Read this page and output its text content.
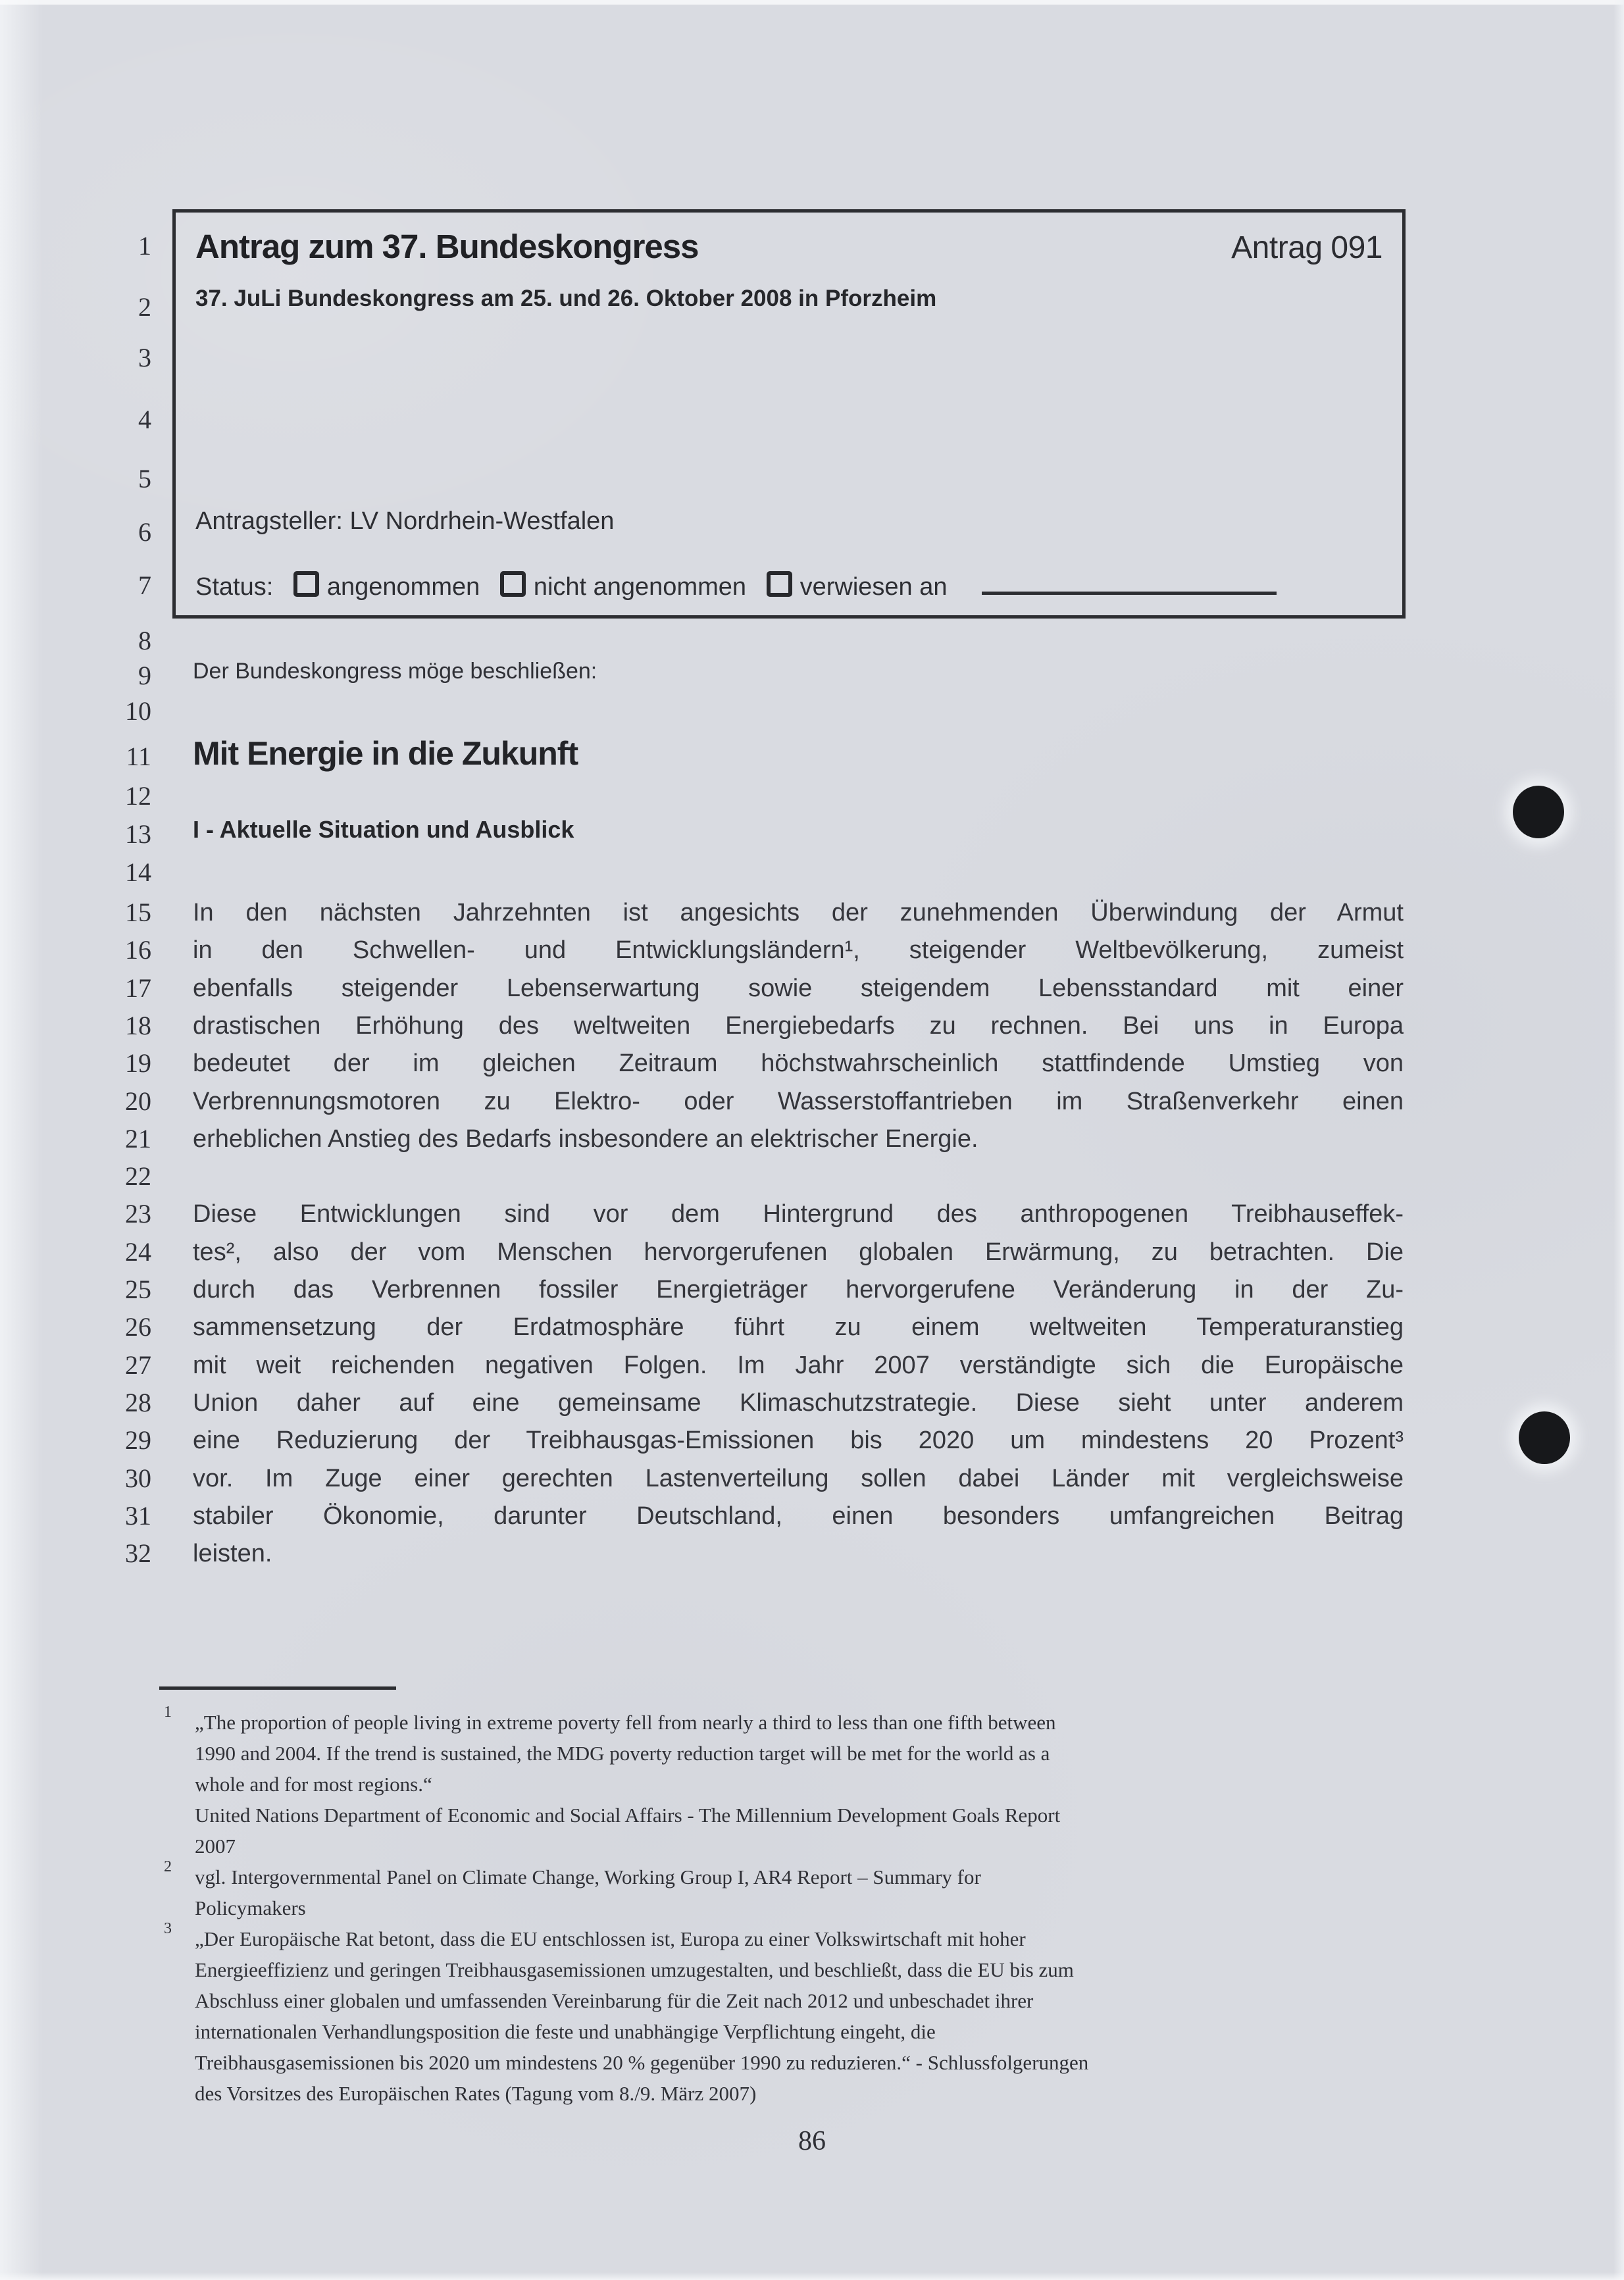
1
2
3
4
5
6
7
8
9
10
11
12
13
14
15
16
17
18
19
20
21
22
23
24
25
26
27
28
29
30
31
32
Antrag zum 37. Bundeskongress	Antrag 091
37. JuLi Bundeskongress am 25. und 26. Oktober 2008 in Pforzheim
Antragsteller: LV Nordrhein-Westfalen
Status: angenommen nicht angenommen verwiesen an
Der Bundeskongress möge beschließen:
Mit Energie in die Zukunft
I - Aktuelle Situation und Ausblick
In den nächsten Jahrzehnten ist angesichts der zunehmenden Überwindung der Armut
in den Schwellen- und Entwicklungsländern¹, steigender Weltbevölkerung, zumeist
ebenfalls steigender Lebenserwartung sowie steigendem Lebensstandard mit einer
drastischen Erhöhung des weltweiten Energiebedarfs zu rechnen. Bei uns in Europa
bedeutet der im gleichen Zeitraum höchstwahrscheinlich stattfindende Umstieg von
Verbrennungsmotoren zu Elektro- oder Wasserstoffantrieben im Straßenverkehr einen
erheblichen Anstieg des Bedarfs insbesondere an elektrischer Energie.
Diese Entwicklungen sind vor dem Hintergrund des anthropogenen Treibhauseffek-
tes², also der vom Menschen hervorgerufenen globalen Erwärmung, zu betrachten. Die
durch das Verbrennen fossiler Energieträger hervorgerufene Veränderung in der Zu-
sammensetzung der Erdatmosphäre führt zu einem weltweiten Temperaturanstieg
mit weit reichenden negativen Folgen. Im Jahr 2007 verständigte sich die Europäische
Union daher auf eine gemeinsame Klimaschutzstrategie. Diese sieht unter anderem
eine Reduzierung der Treibhausgas-Emissionen bis 2020 um mindestens 20 Prozent³
vor. Im Zuge einer gerechten Lastenverteilung sollen dabei Länder mit vergleichsweise
stabiler Ökonomie, darunter Deutschland, einen besonders umfangreichen Beitrag
leisten.
1 „The proportion of people living in extreme poverty fell from nearly a third to less than one fifth between
1990 and 2004. If the trend is sustained, the MDG poverty reduction target will be met for the world as a
whole and for most regions.“
United Nations Department of Economic and Social Affairs - The Millennium Development Goals Report
2007
2 vgl. Intergovernmental Panel on Climate Change, Working Group I, AR4 Report – Summary for
Policymakers
3 „Der Europäische Rat betont, dass die EU entschlossen ist, Europa zu einer Volkswirtschaft mit hoher
Energieeffizienz und geringen Treibhausgasemissionen umzugestalten, und beschließt, dass die EU bis zum
Abschluss einer globalen und umfassenden Vereinbarung für die Zeit nach 2012 und unbeschadet ihrer
internationalen Verhandlungsposition die feste und unabhängige Verpflichtung eingeht, die
Treibhausgasemissionen bis 2020 um mindestens 20 % gegenüber 1990 zu reduzieren.“ - Schlussfolgerungen
des Vorsitzes des Europäischen Rates (Tagung vom 8./9. März 2007)
86
